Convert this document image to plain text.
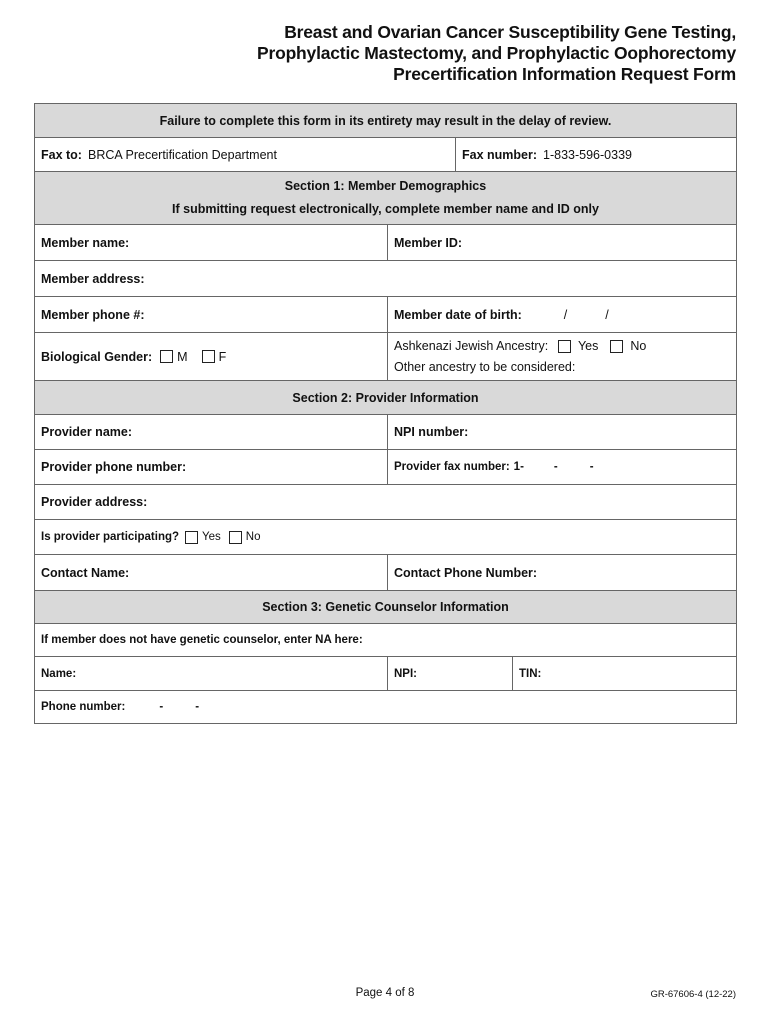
Breast and Ovarian Cancer Susceptibility Gene Testing,
Prophylactic Mastectomy, and Prophylactic Oophorectomy
Precertification Information Request Form
Failure to complete this form in its entirety may result in the delay of review.
Fax to: BRCA Precertification Department	Fax number: 1-833-596-0339
Section 1: Member Demographics
If submitting request electronically, complete member name and ID only
Member name:	Member ID:
Member address:
Member phone #:	Member date of birth:	/	/
Biological Gender: M F
Ashkenazi Jewish Ancestry: Yes	No
Other ancestry to be considered:
Section 2: Provider Information
Provider name:	NPI number:
Provider phone number:	Provider fax number: 1-	-	-
Provider address:
Is provider participating? Yes No
Contact Name:	Contact Phone Number:
Section 3: Genetic Counselor Information
If member does not have genetic counselor, enter NA here:
Name:	NPI:	TIN:
Phone number:	-	-
Page 4 of 8	GR-67606-4 (12-22)
